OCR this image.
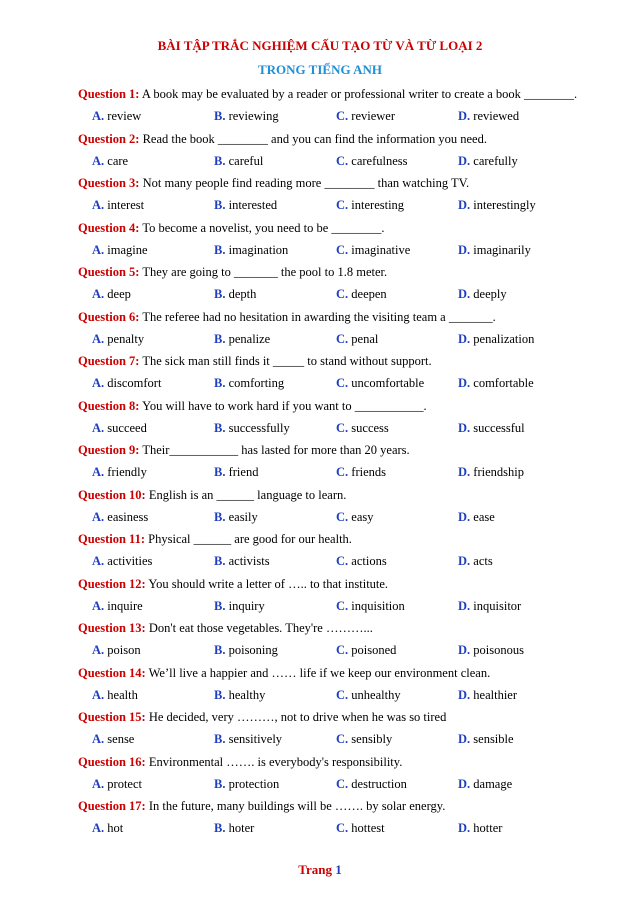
BÀI TẬP TRẮC NGHIỆM CẤU TẠO TỪ VÀ TỪ LOẠI 2
TRONG TIẾNG ANH
Question 1: A book may be evaluated by a reader or professional writer to create a book ________.
A. review	B. reviewing	C. reviewer	D. reviewed
Question 2: Read the book ________ and you can find the information you need.
A. care	B. careful	C. carefulness	D. carefully
Question 3: Not many people find reading more ________ than watching TV.
A. interest	B. interested	C. interesting	D. interestingly
Question 4: To become a novelist, you need to be ________.
A. imagine	B. imagination	C. imaginative	D. imaginarily
Question 5: They are going to _______ the pool to 1.8 meter.
A. deep	B. depth	C. deepen	D. deeply
Question 6: The referee had no hesitation in awarding the visiting team a _______.
A. penalty	B. penalize	C. penal	D. penalization
Question 7: The sick man still finds it _____ to stand without support.
A. discomfort	B. comforting	C. uncomfortable	D. comfortable
Question 8: You will have to work hard if you want to ___________.
A. succeed	B. successfully	C. success	D. successful
Question 9: Their___________ has lasted for more than 20 years.
A. friendly	B. friend	C. friends	D. friendship
Question 10: English is an ______ language to learn.
A. easiness	B. easily	C. easy	D. ease
Question 11: Physical ______ are good for our health.
A. activities	B. activists	C. actions	D. acts
Question 12: You should write a letter of ….. to that institute.
A. inquire	B. inquiry	C. inquisition	D. inquisitor
Question 13: Don't eat those vegetables. They're ………...
A. poison	B. poisoning	C. poisoned	D. poisonous
Question 14: We’ll live a happier and …… life if we keep our environment clean.
A. health	B. healthy	C. unhealthy	D. healthier
Question 15: He decided, very ………, not to drive when he was so tired
A. sense	B. sensitively	C. sensibly	D. sensible
Question 16: Environmental ……. is everybody's responsibility.
A. protect	B. protection	C. destruction	D. damage
Question 17: In the future, many buildings will be ……. by solar energy.
A. hot	B. hoter	C. hottest	D. hotter
Trang 1
